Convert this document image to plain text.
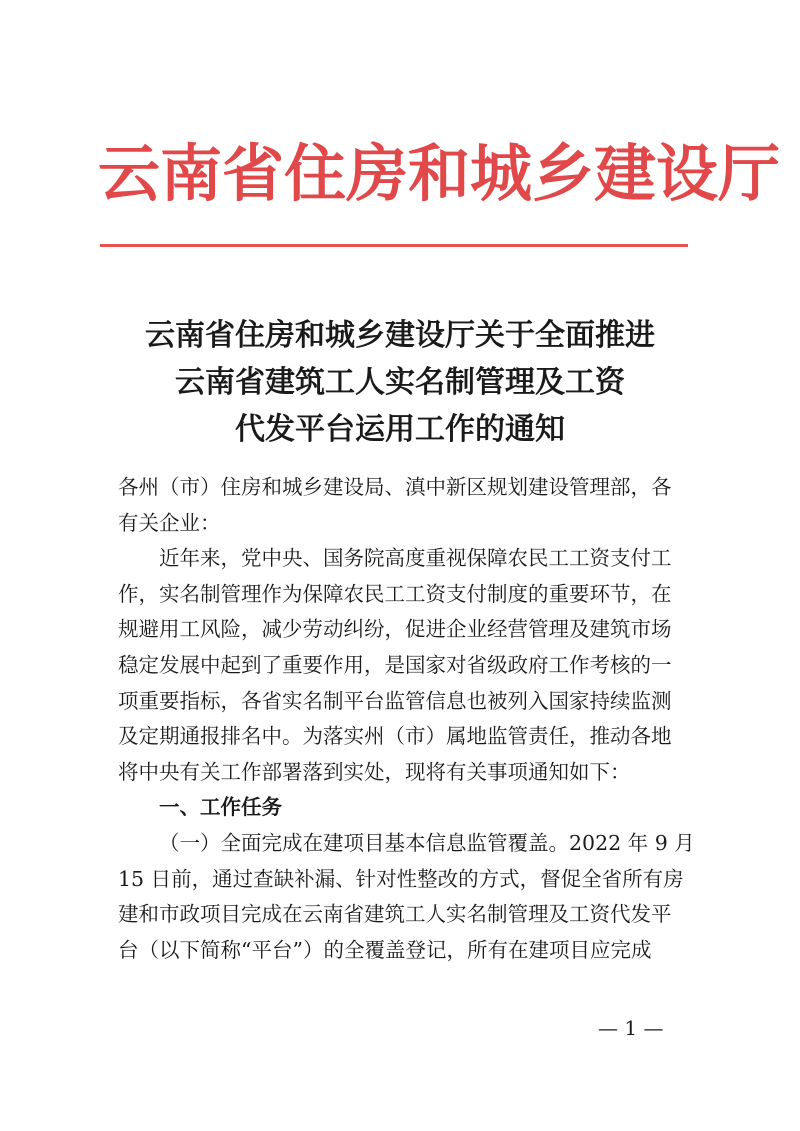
云南省住房和城乡建设厅
云南省住房和城乡建设厅关于全面推进
云南省建筑工人实名制管理及工资
代发平台运用工作的通知

各州（市）住房和城乡建设局、滇中新区规划建设管理部，各
有关企业：

近年来，党中央、国务院高度重视保障农民工工资支付工
作，实名制管理作为保障农民工工资支付制度的重要环节，在
规避用工风险，减少劳动纠纷，促进企业经营管理及建筑市场
稳定发展中起到了重要作用，是国家对省级政府工作考核的一
项重要指标，各省实名制平台监管信息也被列入国家持续监测
及定期通报排名中。为落实州（市）属地监管责任，推动各地
将中央有关工作部署落到实处，现将有关事项通知如下：

一、工作任务

（一）全面完成在建项目基本信息监管覆盖。2022 年 9 月
15 日前，通过查缺补漏、针对性整改的方式，督促全省所有房
建和市政项目完成在云南省建筑工人实名制管理及工资代发平
台（以下简称“平台”）的全覆盖登记，所有在建项目应完成

— 1 —
